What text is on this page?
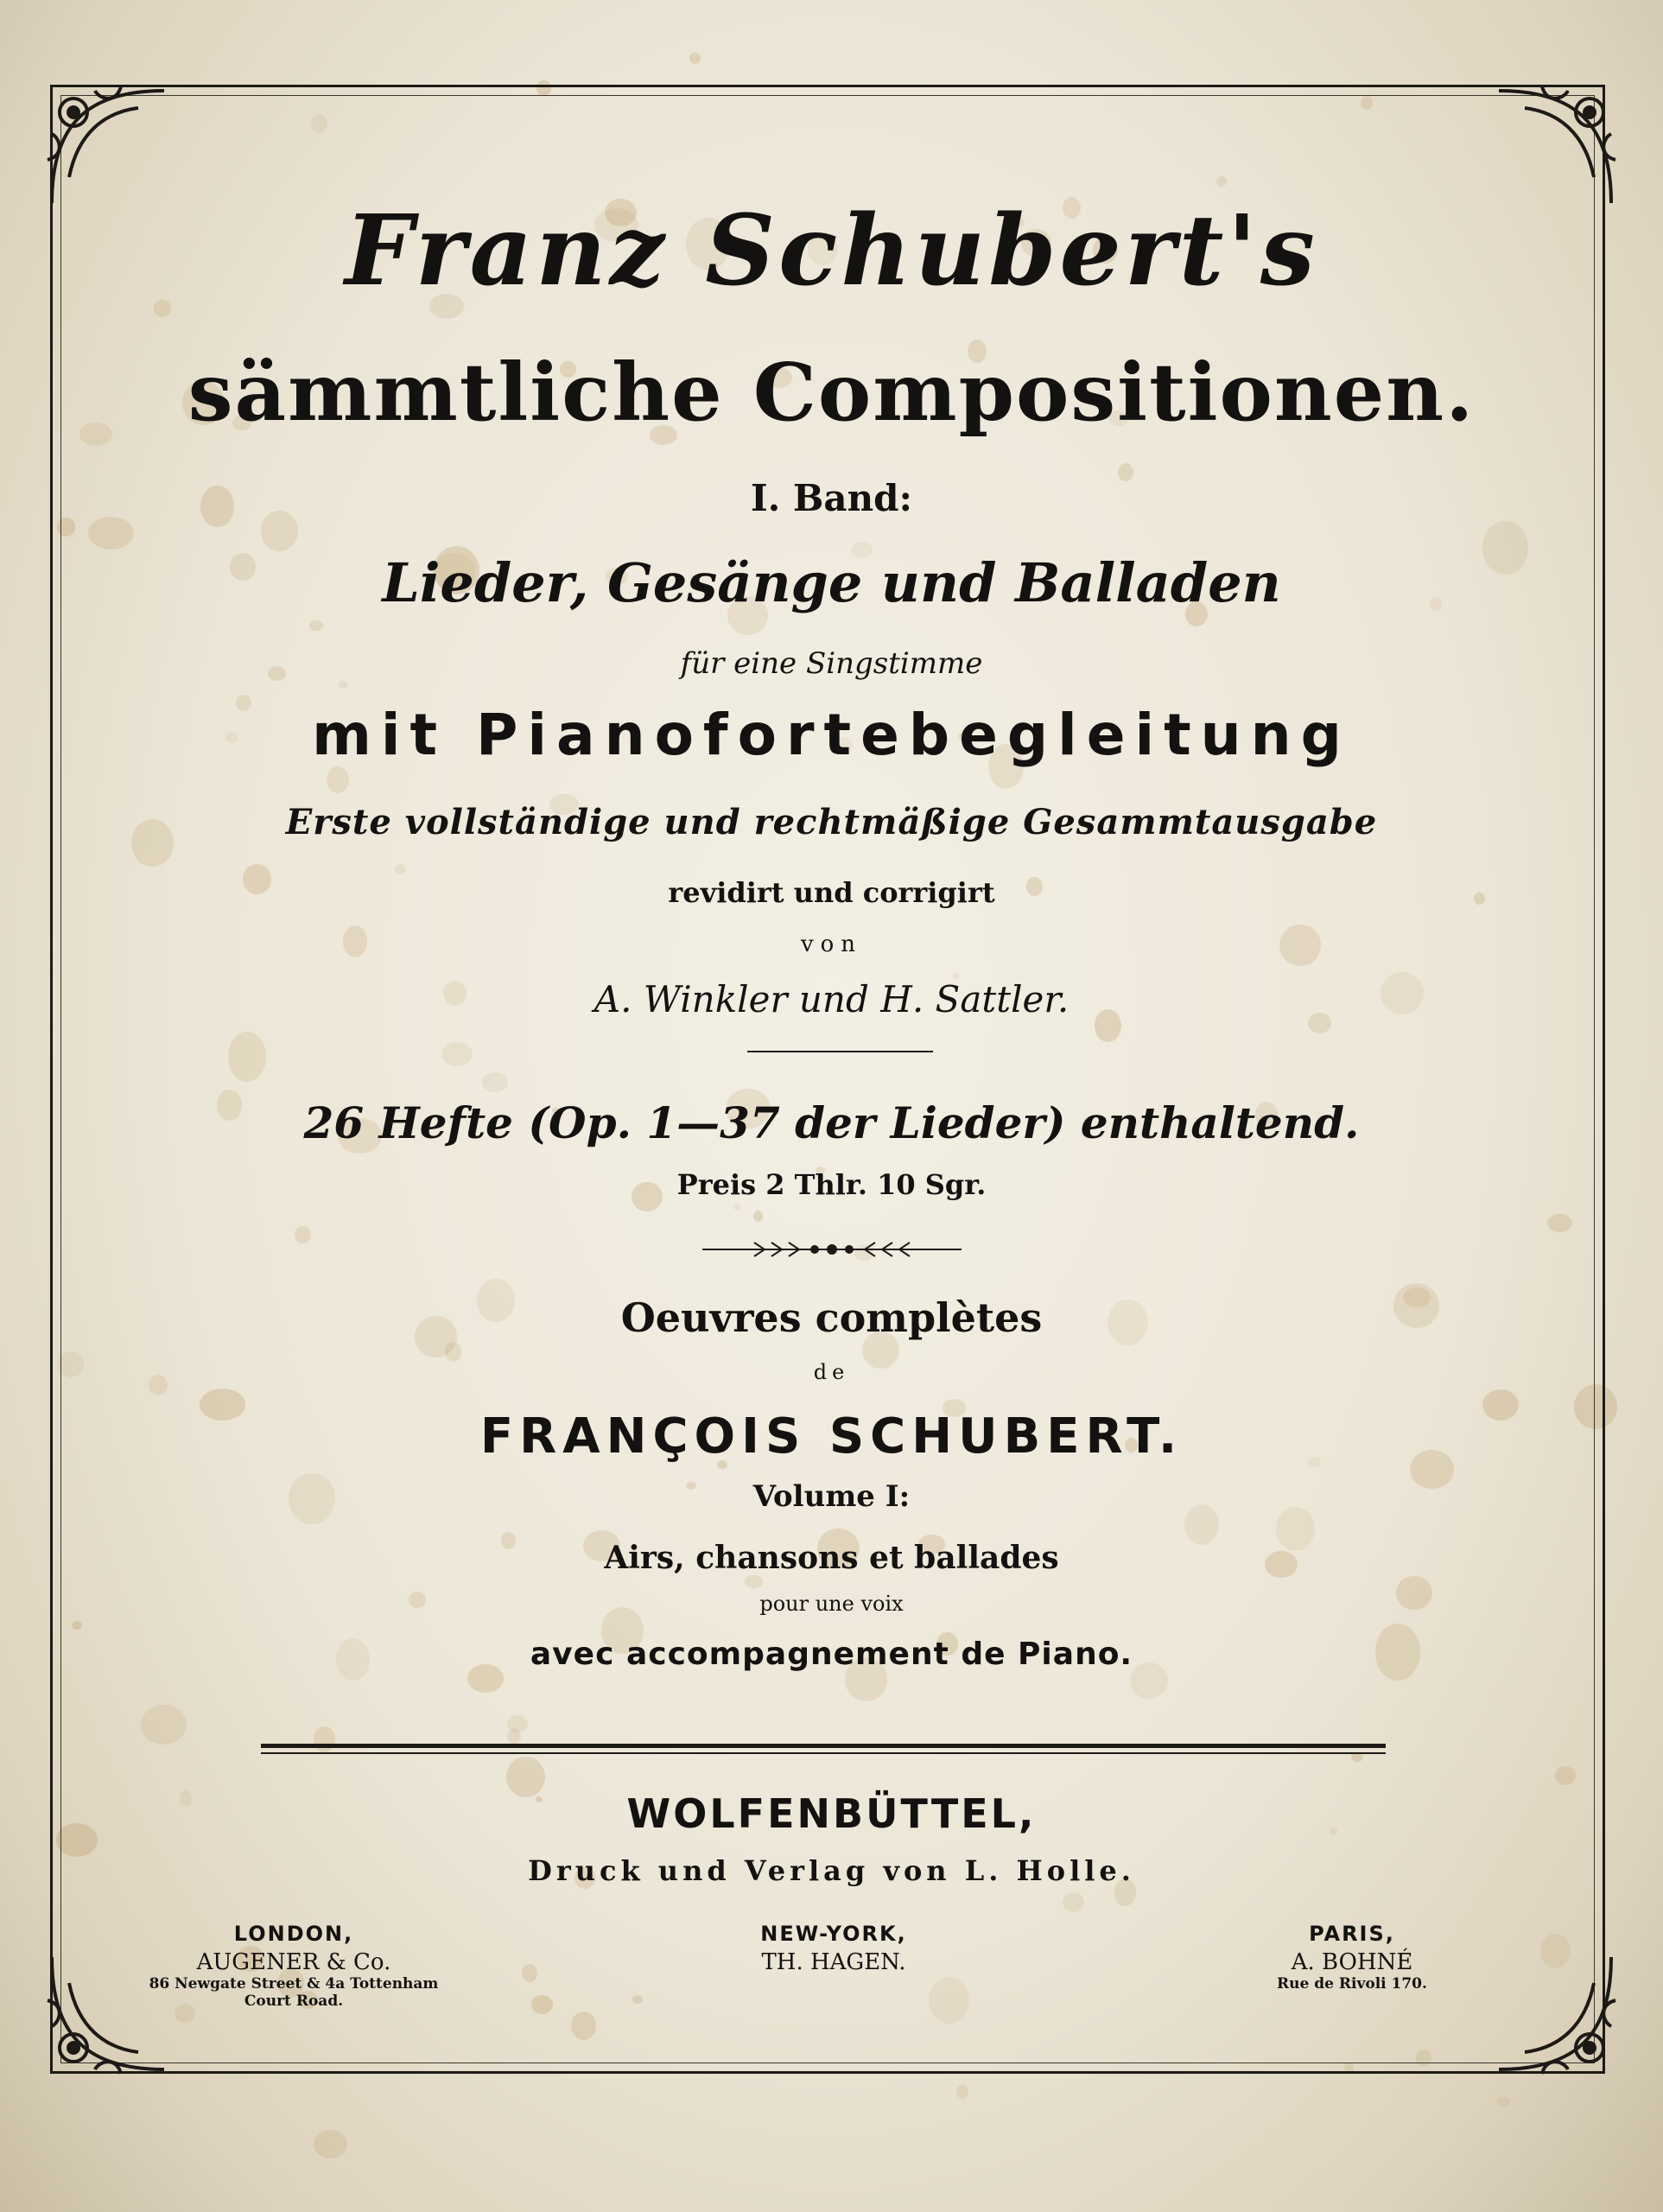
Franz Schubert's
sämmtliche Compositionen.
I. Band:
Lieder, Gesänge und Balladen
für eine Singstimme
mit Pianofortebegleitung
Erste vollständige und rechtmäßige Gesammtausgabe
revidirt und corrigirt
von
A. Winkler und H. Sattler.
26 Hefte (Op. 1—37 der Lieder) enthaltend.
Preis 2 Thlr. 10 Sgr.
Oeuvres complètes
de
FRANÇOIS SCHUBERT.
Volume I:
Airs, chansons et ballades
pour une voix
avec accompagnement de Piano.
WOLFENBÜTTEL,
Druck und Verlag von L. Holle.
LONDON,
AUGENER & Co.
86 Newgate Street & 4a Tottenham
Court Road.
NEW-YORK,
TH. HAGEN.
PARIS,
A. BOHNÉ
Rue de Rivoli 170.
